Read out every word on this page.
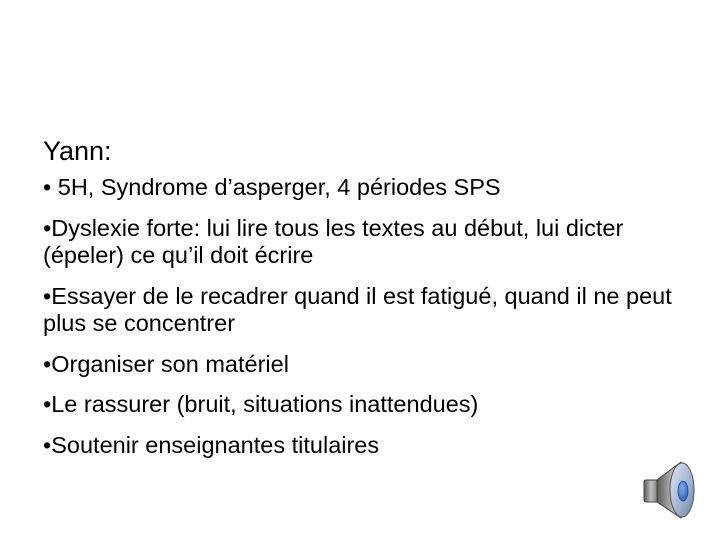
Yann:
• 5H, Syndrome d’asperger, 4 périodes SPS
•Dyslexie forte: lui lire tous les textes au début, lui dicter (épeler) ce qu’il doit écrire
•Essayer de le recadrer quand il est fatigué, quand il ne peut plus se concentrer
•Organiser son matériel
•Le rassurer (bruit, situations inattendues)
•Soutenir enseignantes titulaires
